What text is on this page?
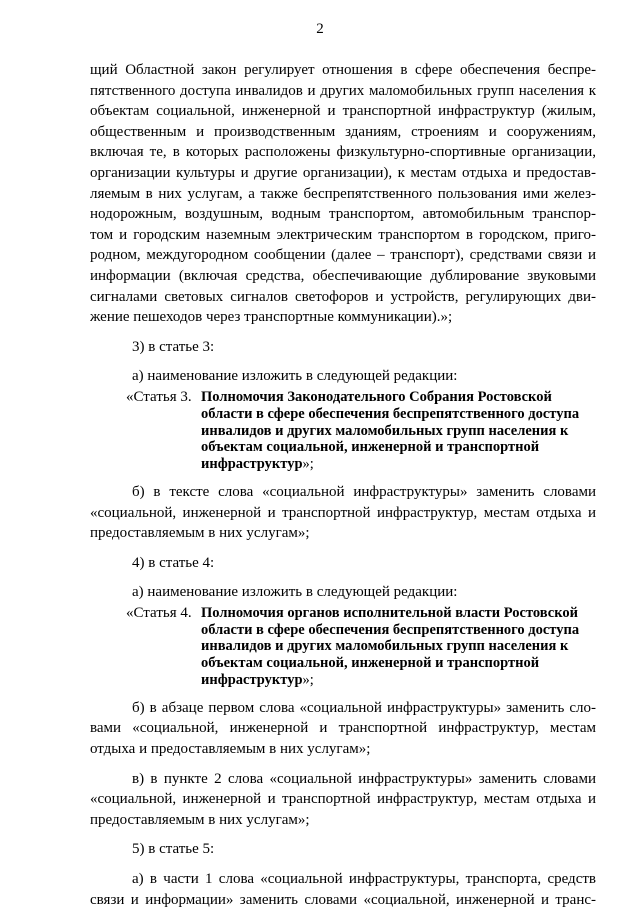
2
щий Областной закон регулирует отношения в сфере обеспечения беспре-
пятственного доступа инвалидов и других маломобильных групп населения к
объектам социальной, инженерной и транспортной инфраструктур (жилым,
общественным и производственным зданиям, строениям и сооружениям,
включая те, в которых расположены физкультурно-спортивные организации,
организации культуры и другие организации), к местам отдыха и предостав-
ляемым в них услугам, а также беспрепятственного пользования ими желез-
нодорожным, воздушным, водным транспортом, автомобильным транспор-
том и городским наземным электрическим транспортом в городском, приго-
родном, междугородном сообщении (далее – транспорт), средствами связи и
информации (включая средства, обеспечивающие дублирование звуковыми
сигналами световых сигналов светофоров и устройств, регулирующих дви-
жение пешеходов через транспортные коммуникации).»;
3) в статье 3:
а) наименование изложить в следующей редакции:
«Статья 3. Полномочия Законодательного Собрания Ростовской
области в сфере обеспечения беспрепятственного доступа
инвалидов и других маломобильных групп населения к
объектам социальной, инженерной и транспортной
инфраструктур»;
б) в тексте слова «социальной инфраструктуры» заменить словами
«социальной, инженерной и транспортной инфраструктур, местам отдыха и
предоставляемым в них услугам»;
4) в статье 4:
а) наименование изложить в следующей редакции:
«Статья 4. Полномочия органов исполнительной власти Ростовской
области в сфере обеспечения беспрепятственного доступа
инвалидов и других маломобильных групп населения к
объектам социальной, инженерной и транспортной
инфраструктур»;
б) в абзаце первом слова «социальной инфраструктуры» заменить сло-
вами «социальной, инженерной и транспортной инфраструктур, местам
отдыха и предоставляемым в них услугам»;
в) в пункте 2 слова «социальной инфраструктуры» заменить словами
«социальной, инженерной и транспортной инфраструктур, местам отдыха и
предоставляемым в них услугам»;
5) в статье 5:
а) в части 1 слова «социальной инфраструктуры, транспорта, средств
связи и информации» заменить словами «социальной, инженерной и транс-
